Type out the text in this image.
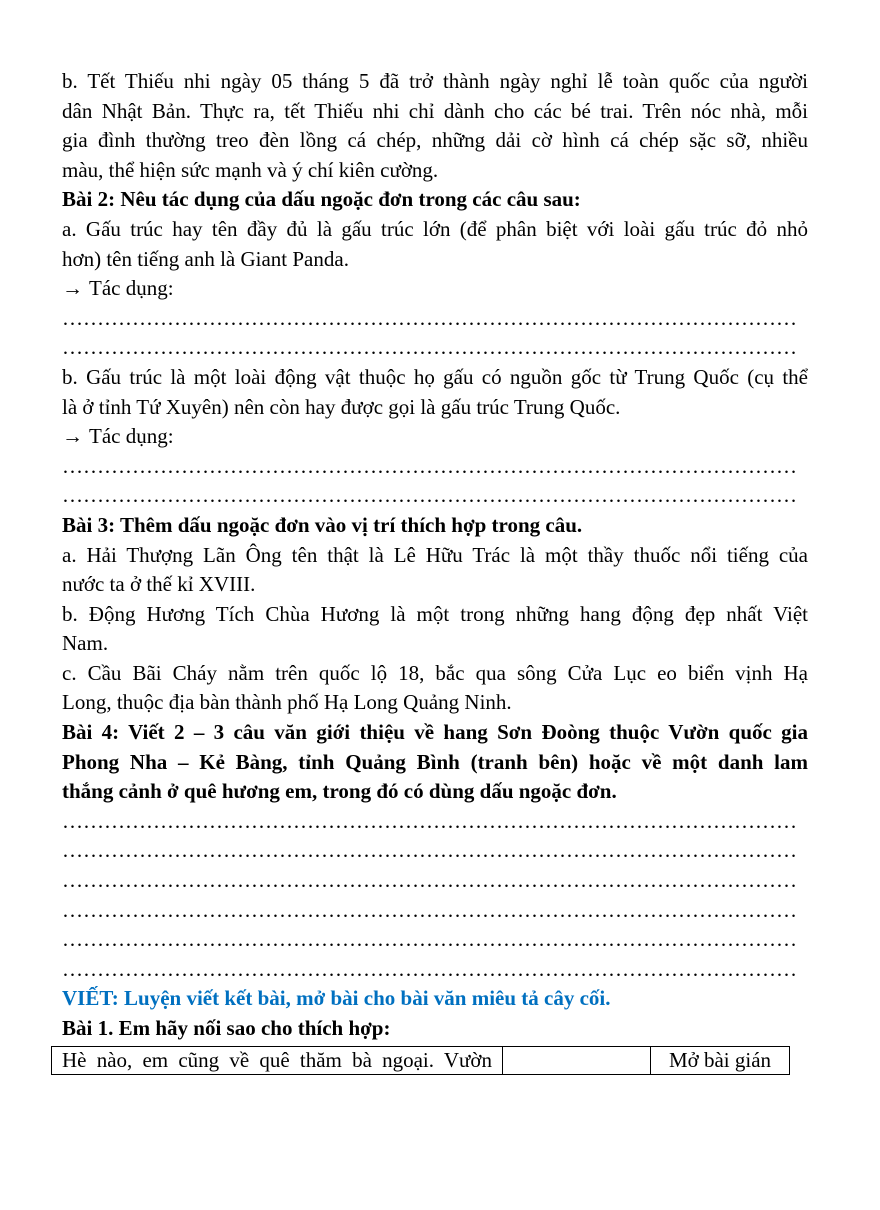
b. Tết Thiếu nhi ngày 05 tháng 5 đã trở thành ngày nghỉ lễ toàn quốc của người
dân Nhật Bản. Thực ra, tết Thiếu nhi chỉ dành cho các bé trai. Trên nóc nhà, mỗi
gia đình thường treo đèn lồng cá chép, những dải cờ hình cá chép sặc sỡ, nhiều
màu, thể hiện sức mạnh và ý chí kiên cường.
Bài 2: Nêu tác dụng của dấu ngoặc đơn trong các câu sau:
a. Gấu trúc hay tên đầy đủ là gấu trúc lớn (để phân biệt với loài gấu trúc đỏ nhỏ
hơn) tên tiếng anh là Giant Panda.
→ Tác dụng:
……………………………………………………………………………………………
……………………………………………………………………………………………
b. Gấu trúc là một loài động vật thuộc họ gấu có nguồn gốc từ Trung Quốc (cụ thể
là ở tỉnh Tứ Xuyên) nên còn hay được gọi là gấu trúc Trung Quốc.
→ Tác dụng:
……………………………………………………………………………………………
……………………………………………………………………………………………
Bài 3: Thêm dấu ngoặc đơn vào vị trí thích hợp trong câu.
a. Hải Thượng Lãn Ông tên thật là Lê Hữu Trác là một thầy thuốc nổi tiếng của
nước ta ở thế kỉ XVIII.
b. Động Hương Tích Chùa Hương là một trong những hang động đẹp nhất Việt
Nam.
c. Cầu Bãi Cháy nằm trên quốc lộ 18, bắc qua sông Cửa Lục eo biển vịnh Hạ
Long, thuộc địa bàn thành phố Hạ Long Quảng Ninh.
Bài 4: Viết 2 – 3 câu văn giới thiệu về hang Sơn Đoòng thuộc Vườn quốc gia
Phong Nha – Kẻ Bàng, tỉnh Quảng Bình (tranh bên) hoặc về một danh lam
thắng cảnh ở quê hương em, trong đó có dùng dấu ngoặc đơn.
……………………………………………………………………………………………
……………………………………………………………………………………………
……………………………………………………………………………………………
……………………………………………………………………………………………
……………………………………………………………………………………………
……………………………………………………………………………………………
VIẾT: Luyện viết kết bài, mở bài cho bài văn miêu tả cây cối.
Bài 1. Em hãy nối sao cho thích hợp:
Hè nào, em cũng về quê thăm bà ngoại. Vườn		Mở bài gián
